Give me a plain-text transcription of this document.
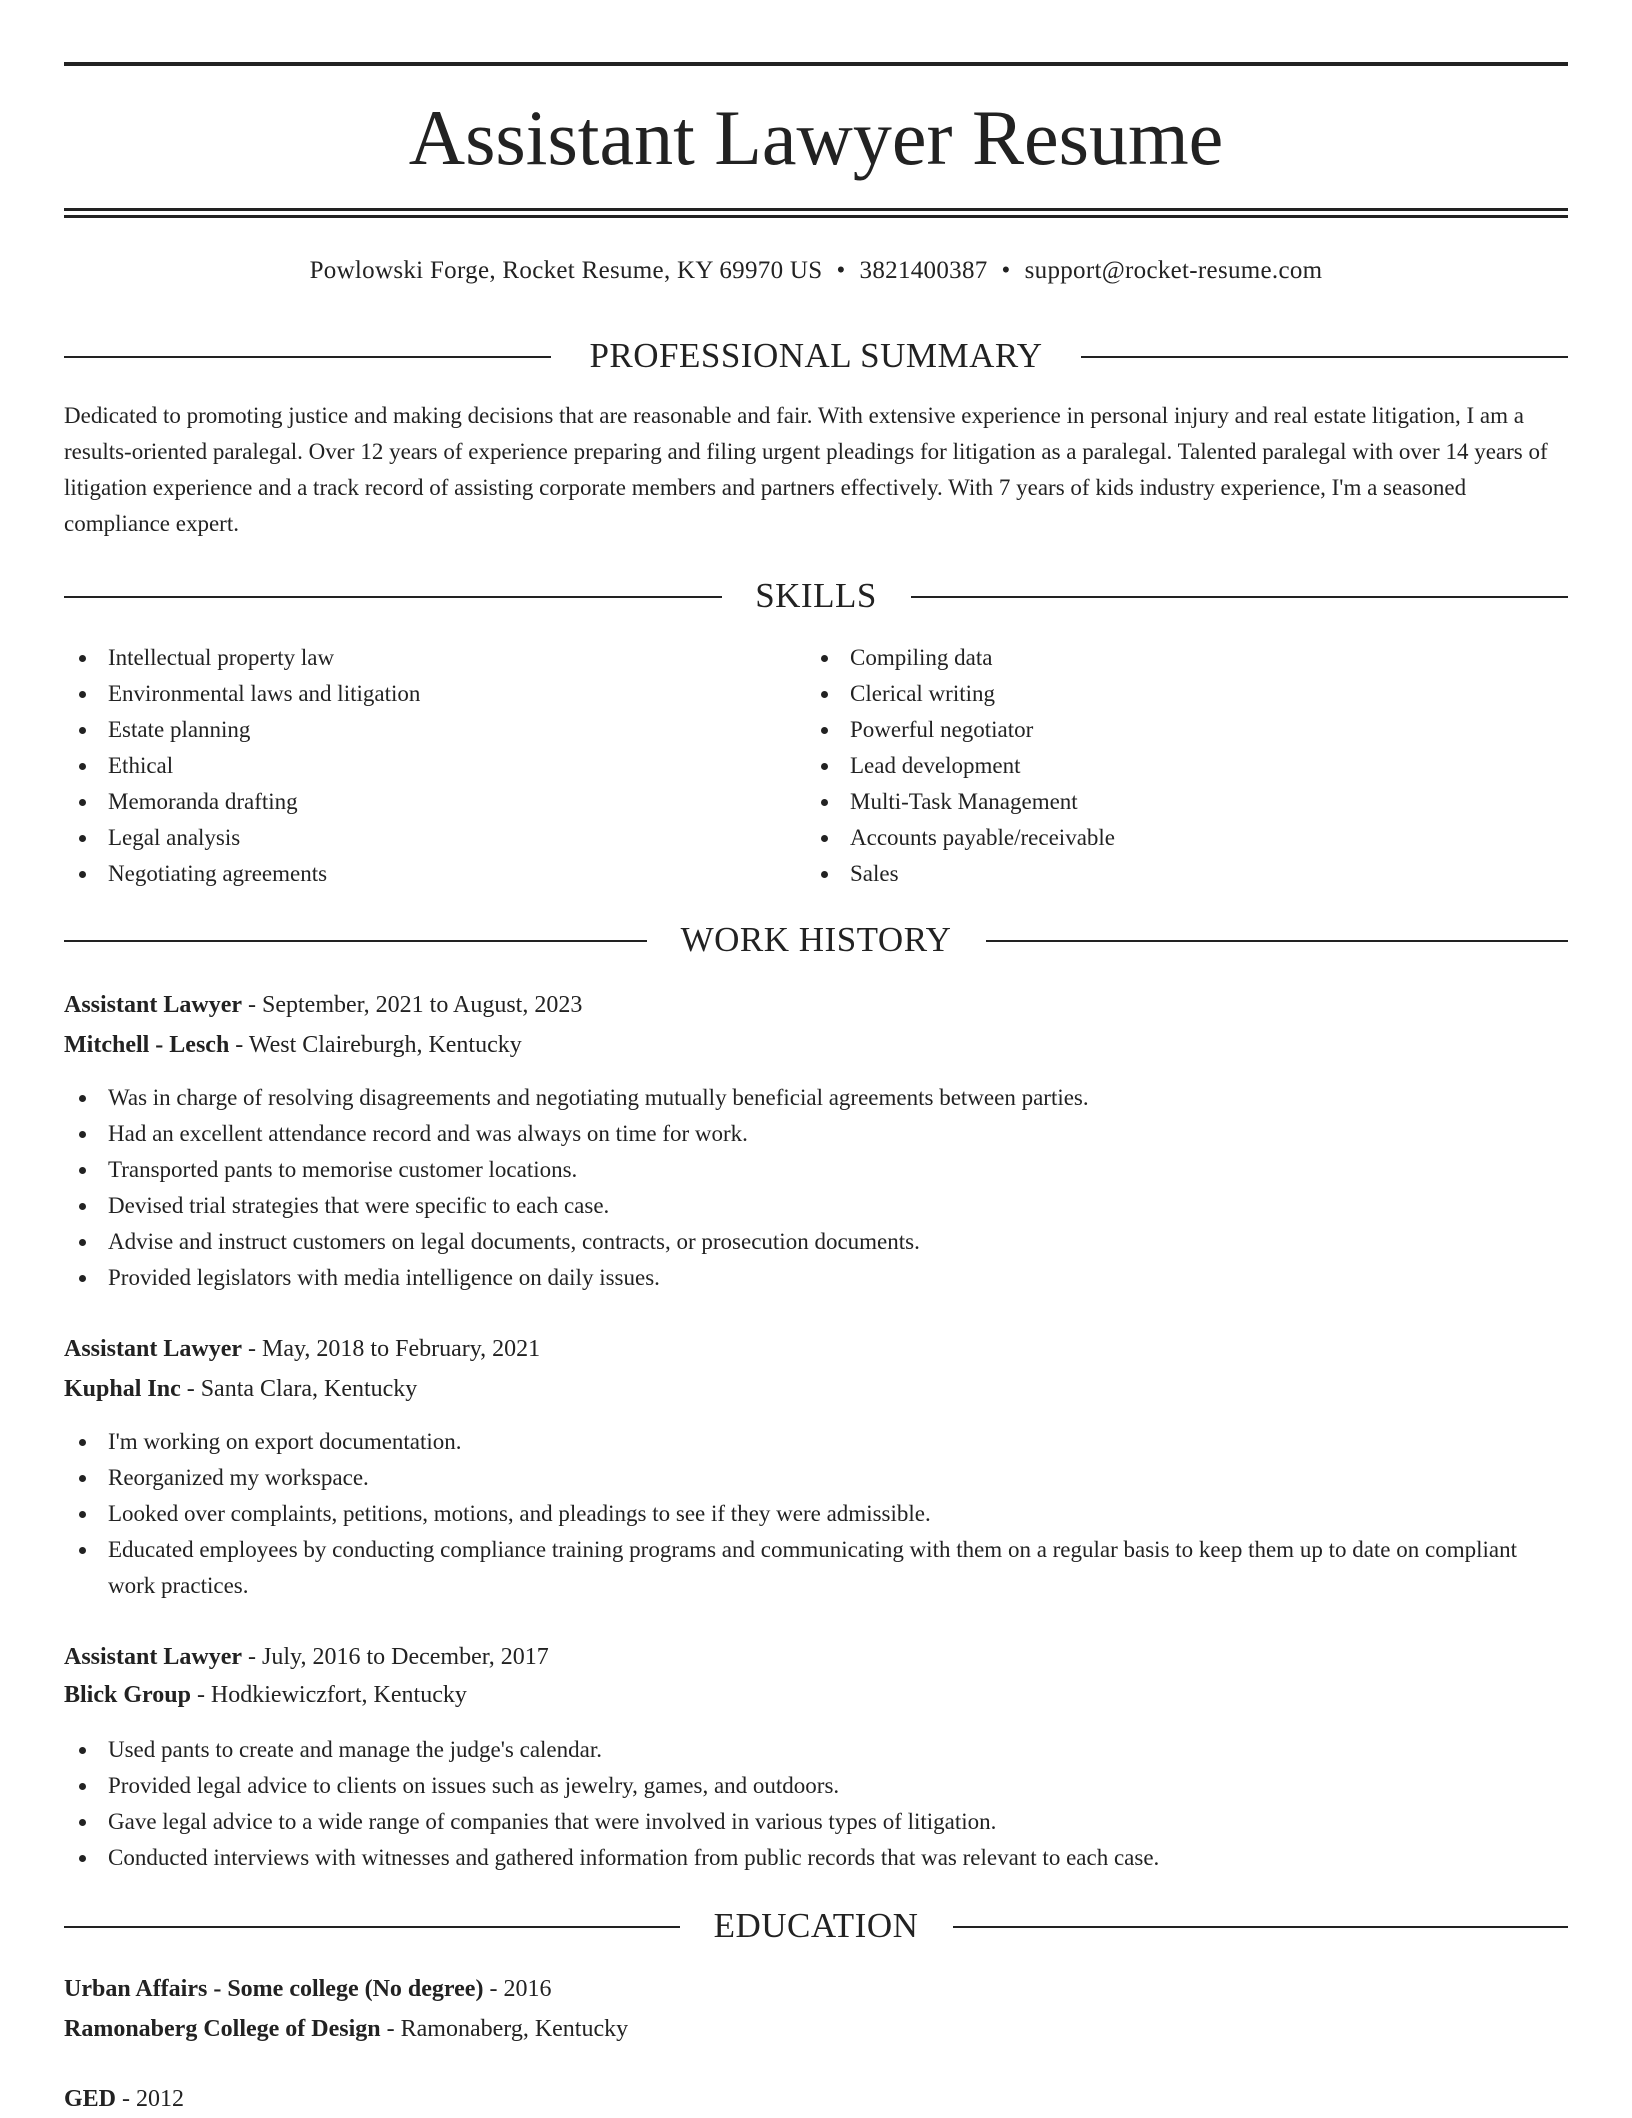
Assistant Lawyer Resume
Powlowski Forge, Rocket Resume, KY 69970 US • 3821400387 • support@rocket-resume.com
PROFESSIONAL SUMMARY

Dedicated to promoting justice and making decisions that are reasonable and fair. With extensive experience in personal injury and real estate litigation, I am a results-oriented paralegal. Over 12 years of experience preparing and filing urgent pleadings for litigation as a paralegal. Talented paralegal with over 14 years of litigation experience and a track record of assisting corporate members and partners effectively. With 7 years of kids industry experience, I'm a seasoned compliance expert.

SKILLS
Intellectual property law
Environmental laws and litigation
Estate planning
Ethical
Memoranda drafting
Legal analysis
Negotiating agreements
Compiling data
Clerical writing
Powerful negotiator
Lead development
Multi-Task Management
Accounts payable/receivable
Sales
WORK HISTORY
Assistant Lawyer - September, 2021 to August, 2023
Mitchell - Lesch - West Claireburgh, Kentucky
Was in charge of resolving disagreements and negotiating mutually beneficial agreements between parties.
Had an excellent attendance record and was always on time for work.
Transported pants to memorise customer locations.
Devised trial strategies that were specific to each case.
Advise and instruct customers on legal documents, contracts, or prosecution documents.
Provided legislators with media intelligence on daily issues.
Assistant Lawyer - May, 2018 to February, 2021
Kuphal Inc - Santa Clara, Kentucky
I'm working on export documentation.
Reorganized my workspace.
Looked over complaints, petitions, motions, and pleadings to see if they were admissible.
Educated employees by conducting compliance training programs and communicating with them on a regular basis to keep them up to date on compliant work practices.
Assistant Lawyer - July, 2016 to December, 2017
Blick Group - Hodkiewiczfort, Kentucky
Used pants to create and manage the judge's calendar.
Provided legal advice to clients on issues such as jewelry, games, and outdoors.
Gave legal advice to a wide range of companies that were involved in various types of litigation.
Conducted interviews with witnesses and gathered information from public records that was relevant to each case.
EDUCATION
Urban Affairs - Some college (No degree) - 2016
Ramonaberg College of Design - Ramonaberg, Kentucky
GED - 2012
